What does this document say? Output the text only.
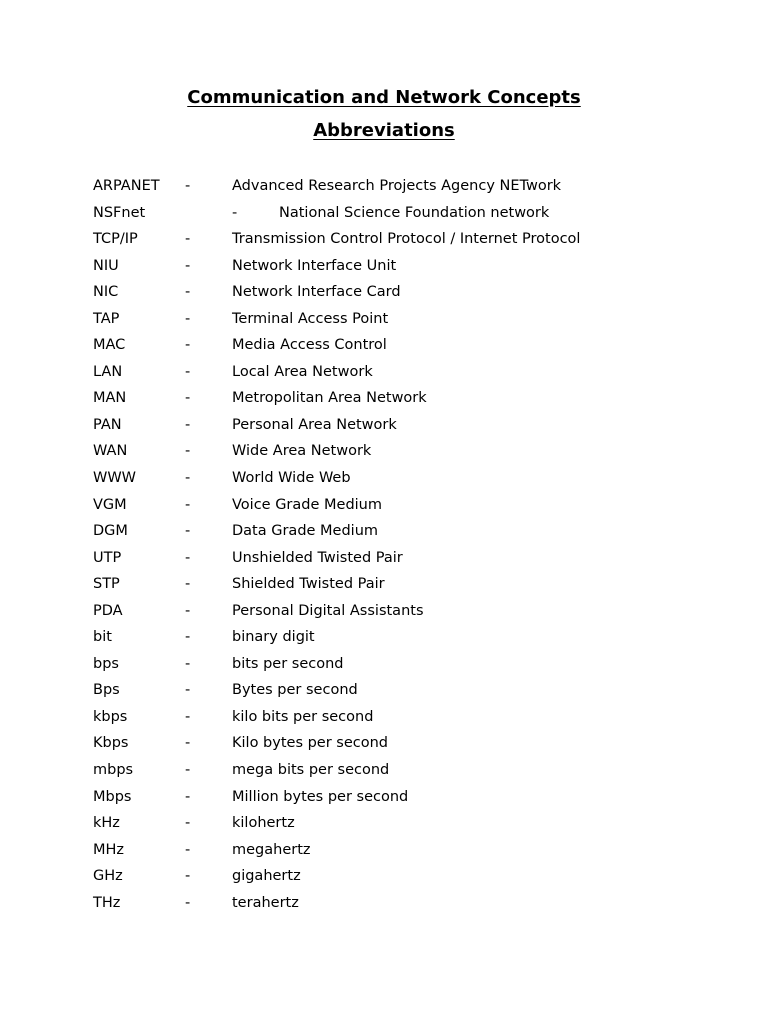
Communication and Network Concepts
Abbreviations
ARPANET -	Advanced Research Projects Agency NETwork
NSFnet	-	National Science Foundation network
TCP/IP	-	Transmission Control Protocol / Internet Protocol
NIU	-	Network Interface Unit
NIC	-	Network Interface Card
TAP	-	Terminal Access Point
MAC	-	Media Access Control
LAN	-	Local Area Network
MAN	-	Metropolitan Area Network
PAN	-	Personal Area Network
WAN	-	Wide Area Network
WWW	-	World Wide Web
VGM	-	Voice Grade Medium
DGM	-	Data Grade Medium
UTP	-	Unshielded Twisted Pair
STP	-	Shielded Twisted Pair
PDA	-	Personal Digital Assistants
bit	-	binary digit
bps	-	bits per second
Bps	-	Bytes per second
kbps	-	kilo bits per second
Kbps	-	Kilo bytes per second
mbps	-	mega bits per second
Mbps	-	Million bytes per second
kHz	-	kilohertz
MHz	-	megahertz
GHz	-	gigahertz
THz	-	terahertz
